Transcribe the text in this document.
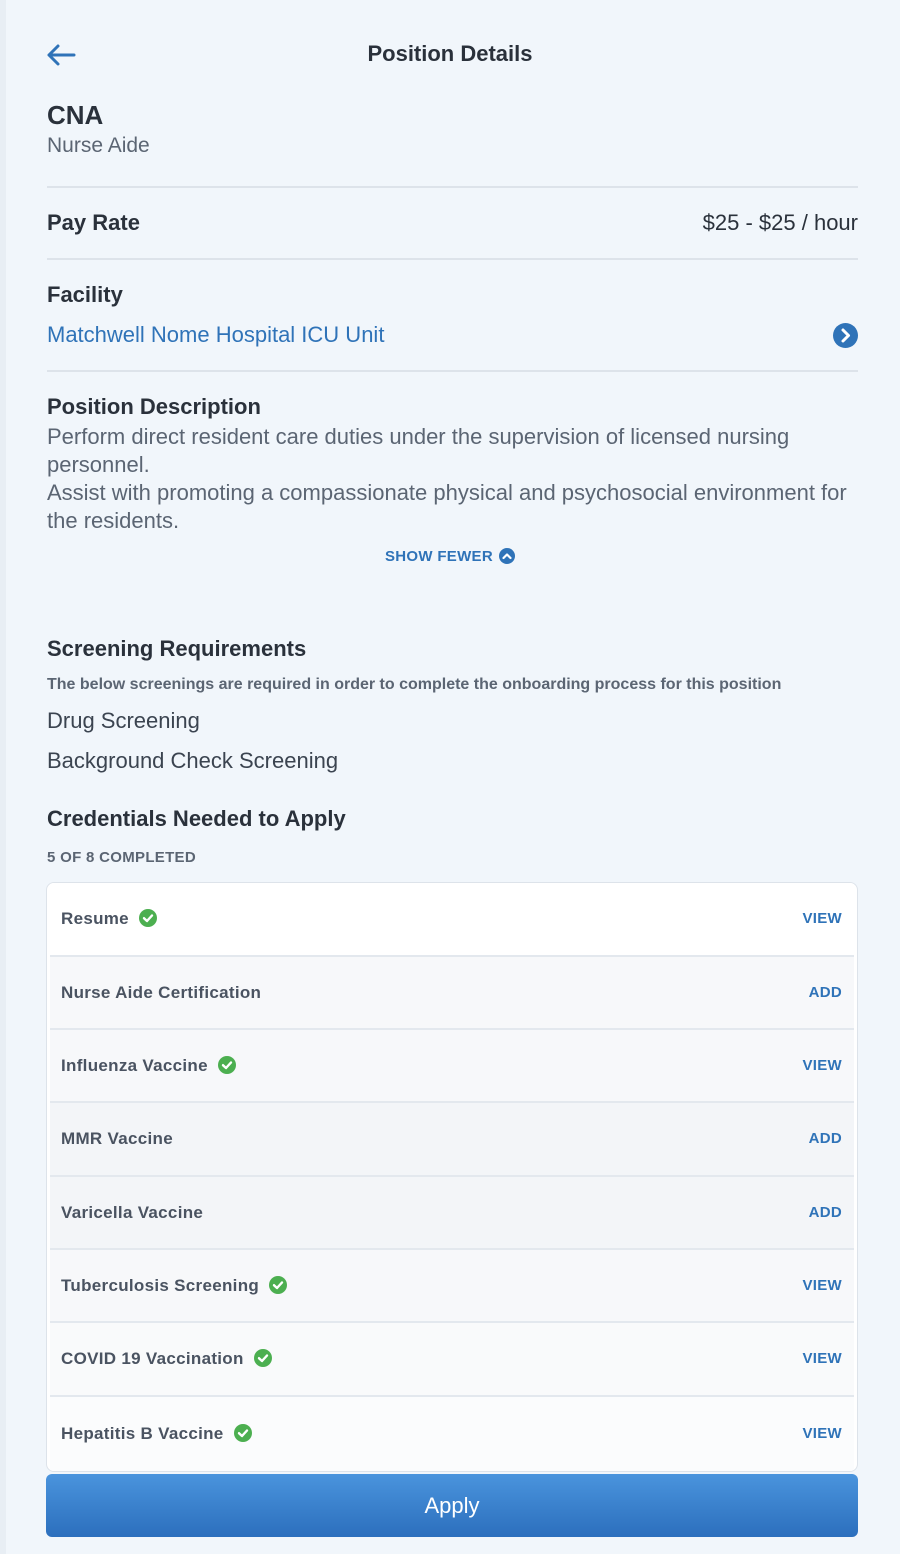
Position Details
CNA
Nurse Aide
Pay Rate	$25 - $25 / hour
Facility
Matchwell Nome Hospital ICU Unit
Position Description

Perform direct resident care duties under the supervision of licensed nursing personnel.

Assist with promoting a compassionate physical and psychosocial environment for the residents.

SHOW FEWER
Screening Requirements
The below screenings are required in order to complete the onboarding process for this position
Drug Screening
Background Check Screening
Credentials Needed to Apply
5 OF 8 COMPLETED
Resume	VIEW
Nurse Aide Certification	ADD
Influenza Vaccine	VIEW
MMR Vaccine	ADD
Varicella Vaccine	ADD
Tuberculosis Screening	VIEW
COVID 19 Vaccination	VIEW
Hepatitis B Vaccine	VIEW
Apply
